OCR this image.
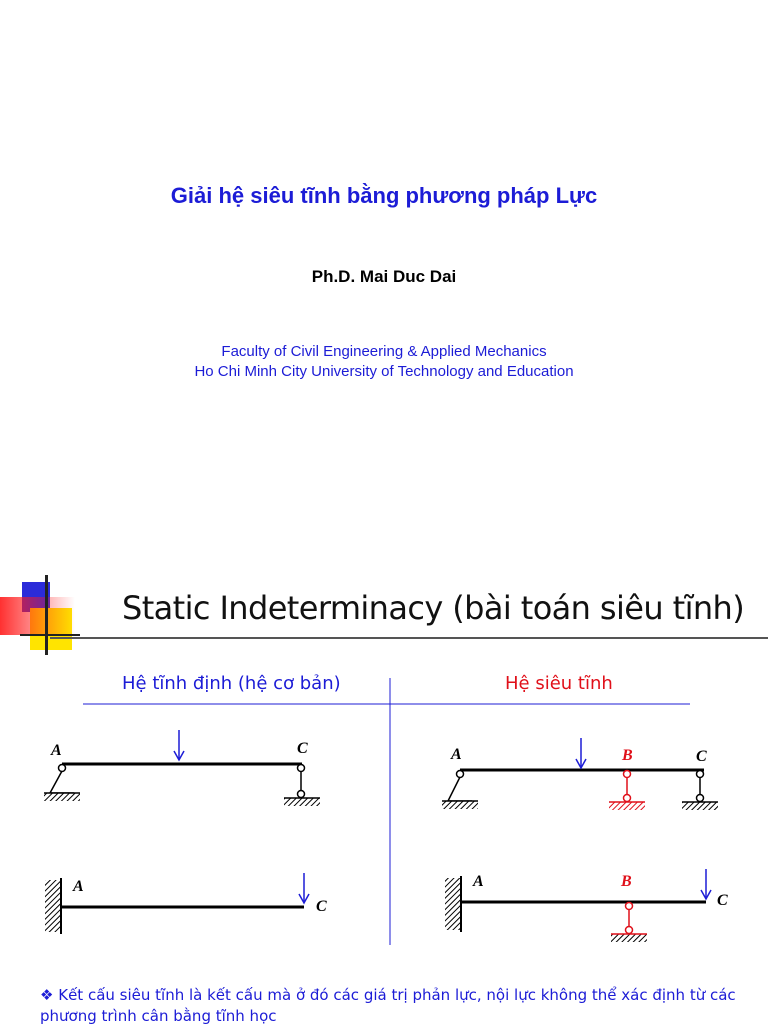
Giải hệ siêu tĩnh bằng phương pháp Lực
Ph.D. Mai Duc Dai
Faculty of Civil Engineering & Applied Mechanics
Ho Chi Minh City University of Technology and Education
Static Indeterminacy (bài toán siêu tĩnh)
Hệ tĩnh định (hệ cơ bản)	Hệ siêu tĩnh
A	C	A	B	C
A
C
A	B
C
❖ Kết cấu siêu tĩnh là kết cấu mà ở đó các giá trị phản lực, nội lực không thể xác định từ các phương trình cân bằng tĩnh học
